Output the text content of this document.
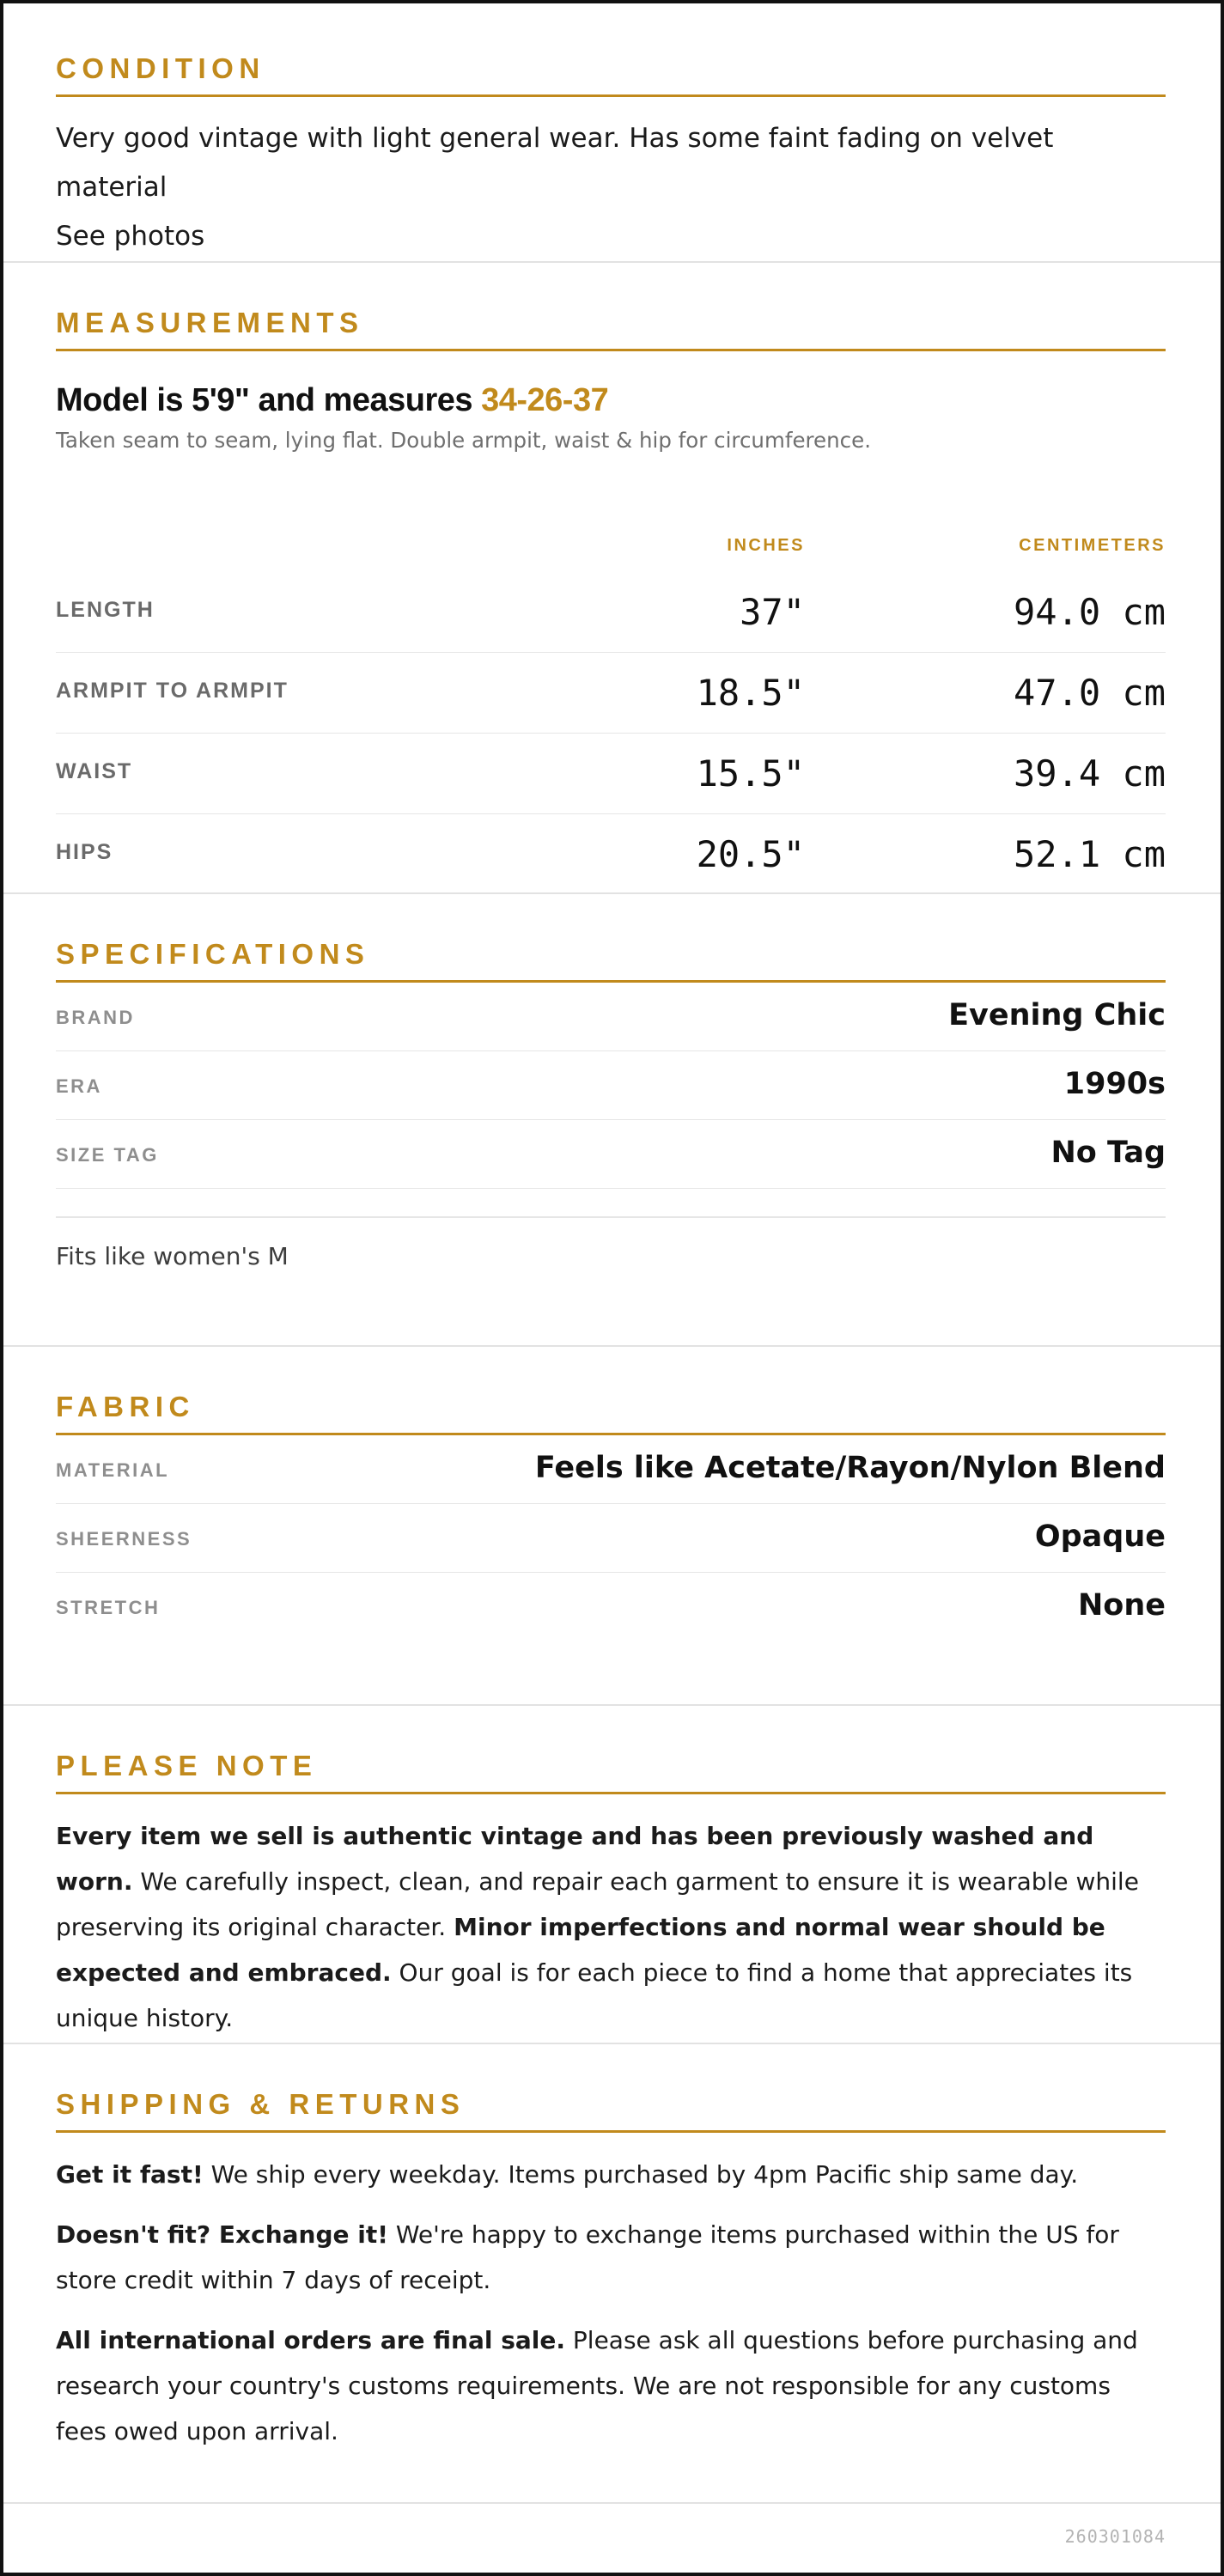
CONDITION
Very good vintage with light general wear. Has some faint fading on velvet material
See photos
MEASUREMENTS
Model is 5'9" and measures 34-26-37
Taken seam to seam, lying flat. Double armpit, waist & hip for circumference.
INCHES	CENTIMETERS
LENGTH	37"	94.0 cm
ARMPIT TO ARMPIT	18.5"	47.0 cm
WAIST	15.5"	39.4 cm
HIPS	20.5"	52.1 cm
SPECIFICATIONS
BRAND	Evening Chic
ERA	1990s
SIZE TAG	No Tag
Fits like women's M
FABRIC
MATERIAL	Feels like Acetate/Rayon/Nylon Blend
SHEERNESS	Opaque
STRETCH	None
PLEASE NOTE

Every item we sell is authentic vintage and has been previously washed and worn. We carefully inspect, clean, and repair each garment to ensure it is wearable while preserving its original character. Minor imperfections and normal wear should be expected and embraced. Our goal is for each piece to find a home that appreciates its unique history.

SHIPPING & RETURNS

Get it fast! We ship every weekday. Items purchased by 4pm Pacific ship same day.

Doesn't fit? Exchange it! We're happy to exchange items purchased within the US for store credit within 7 days of receipt.

All international orders are final sale. Please ask all questions before purchasing and research your country's customs requirements. We are not responsible for any customs fees owed upon arrival.

260301084
